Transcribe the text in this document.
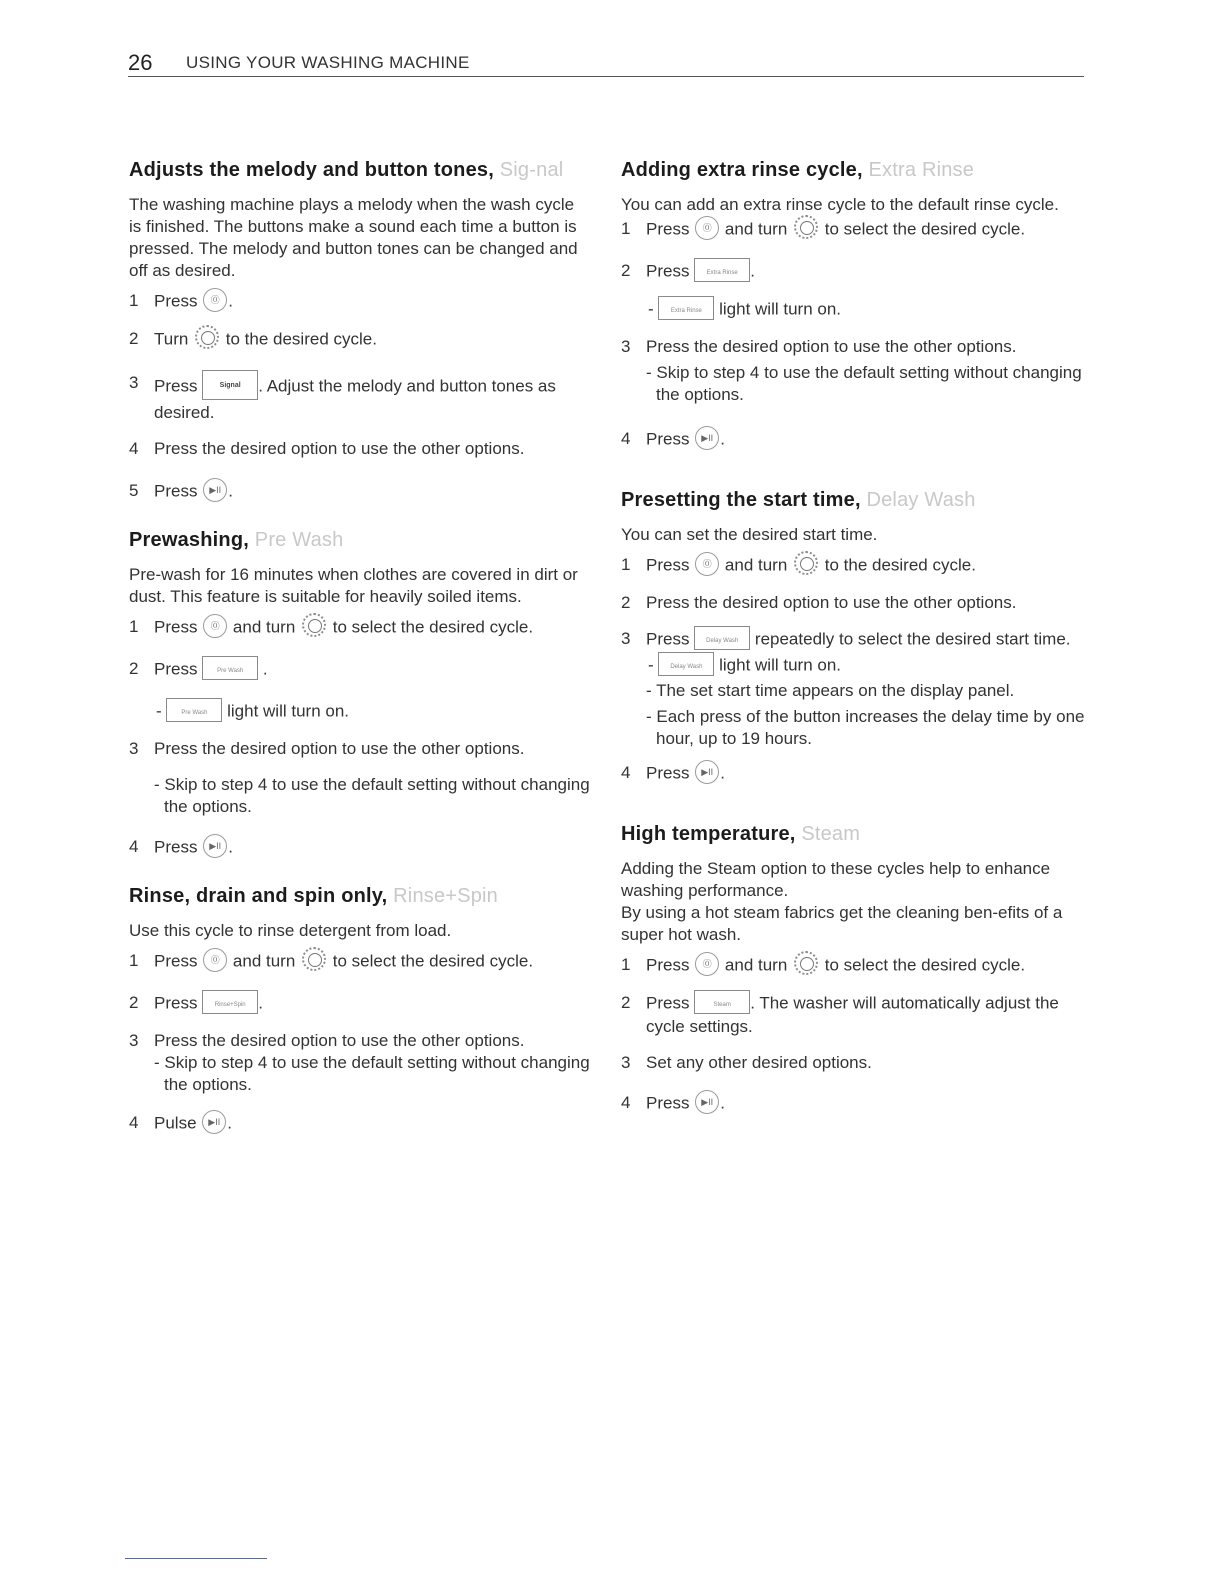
26 USING YOUR WASHING MACHINE
Adjusts the melody and button tones, Sig-nal

The washing machine plays a melody when the wash cycle

is finished. The buttons make a sound each time a button is pressed. The melody and button tones can be changed and off as desired.

1 Press ⓪ .
2 Turn  to the desired cycle.
3 Press Signal . Adjust the melody and button tones as desired.
4 Press the desired option to use the other options.
5 Press ▶II .
Prewashing, Pre Wash

Pre-wash for 16 minutes when clothes are covered in dirt or dust. This feature is suitable for heavily soiled items.

1 Press ⓪ and turn  to select the desired cycle.
2 Press Pre Wash .
- Pre Wash light will turn on.
3 Press the desired option to use the other options.

- Skip to step 4 to use the default setting without changing the options.

4 Press ▶II .
Rinse, drain and spin only, Rinse+Spin

Use this cycle to rinse detergent from load.

1 Press ⓪ and turn  to select the desired cycle.
2 Press Rinse+Spin .
3 Press the desired option to use the other options.

- Skip to step 4 to use the default setting without changing the options.

4 Pulse ▶II .
Adding extra rinse cycle, Extra Rinse

You can add an extra rinse cycle to the default rinse cycle.

1 Press ⓪ and turn  to select the desired cycle.
2 Press Extra Rinse .
- Extra Rinse light will turn on.
3 Press the desired option to use the other options.

- Skip to step 4 to use the default setting without changing the options.

4 Press ▶II .
Presetting the start time, Delay Wash

You can set the desired start time.

1 Press ⓪ and turn  to the desired cycle.
2 Press the desired option to use the other options.
3 Press Delay Wash repeatedly to select the desired start time.
- Delay Wash light will turn on.

- The set start time appears on the display panel.

- Each press of the button increases the delay time by one hour, up to 19 hours.

4 Press ▶II .
High temperature, Steam

Adding the Steam option to these cycles help to enhance washing performance.

By using a hot steam fabrics get the cleaning ben-efits of a super hot wash.

1 Press ⓪ and turn  to select the desired cycle.
2 Press	Steam . The washer will automatically adjust the cycle settings.
3 Set any other desired options.
4 Press ▶II .
